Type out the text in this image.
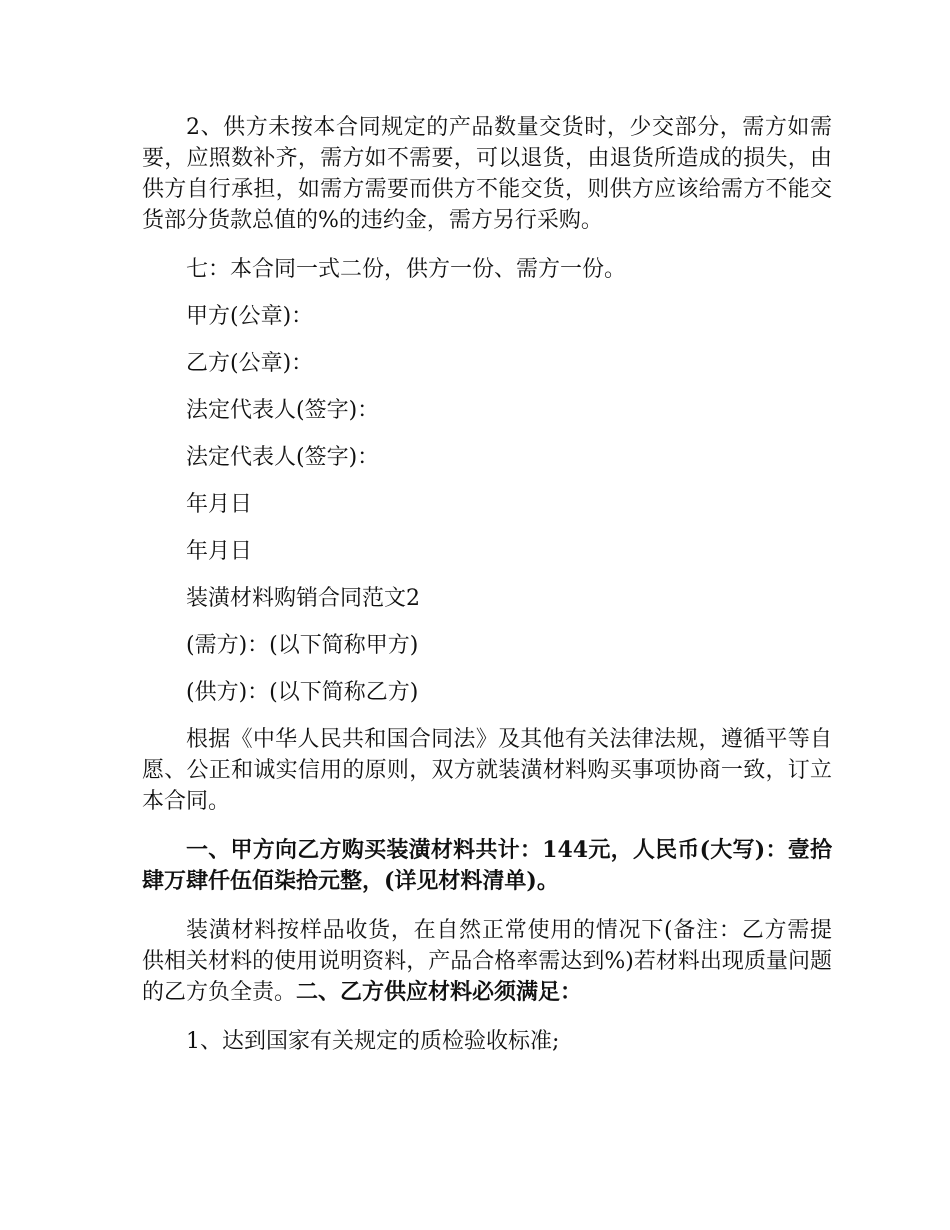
2、供方未按本合同规定的产品数量交货时，少交部分，需方如需要，应照数补齐，需方如不需要，可以退货，由退货所造成的损失，由供方自行承担，如需方需要而供方不能交货，则供方应该给需方不能交货部分货款总值的%的违约金，需方另行采购。

七：本合同一式二份，供方一份、需方一份。

甲方(公章)：

乙方(公章)：

法定代表人(签字)：

法定代表人(签字)：

年月日

年月日

装潢材料购销合同范文2

(需方)：(以下简称甲方)

(供方)：(以下简称乙方)

根据《中华人民共和国合同法》及其他有关法律法规，遵循平等自愿、公正和诚实信用的原则，双方就装潢材料购买事项协商一致，订立本合同。

一、甲方向乙方购买装潢材料共计：144元，人民币(大写)：壹拾肆万肆仟伍佰柒拾元整，(详见材料清单)。

装潢材料按样品收货，在自然正常使用的情况下(备注：乙方需提供相关材料的使用说明资料，产品合格率需达到%)若材料出现质量问题的乙方负全责。二、乙方供应材料必须满足：

1、达到国家有关规定的质检验收标准;
